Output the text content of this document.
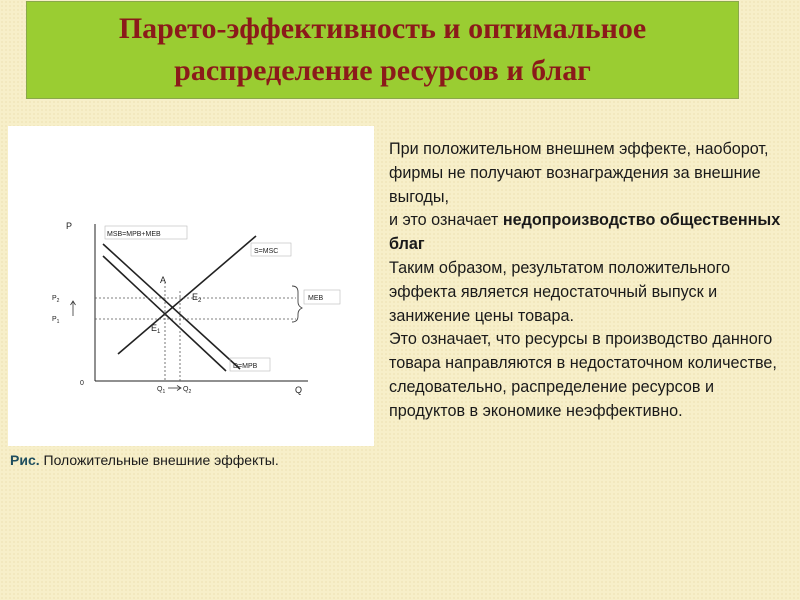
Парето-эффективность и оптимальное
распределение ресурсов и благ
P
Q
0
MSB=MPB+MEB
S=MSC
D=MPB
MEB
A
$E_2$
$E_1$
$P_2$
$P_1$
$Q_1$	$Q_2$
Рис. Положительные внешние эффекты.
При положительном внешнем эффекте, наоборот, фирмы не получают вознаграждения за внешние выгоды,
и это означает недопроизводство общественных благ
Таким образом, результатом положительного эффекта является недостаточный выпуск и занижение цены товара.
Это означает, что ресурсы в производство данного товара направляются в недостаточном количестве, следовательно, распределение ресурсов и продуктов в экономике неэффективно.
